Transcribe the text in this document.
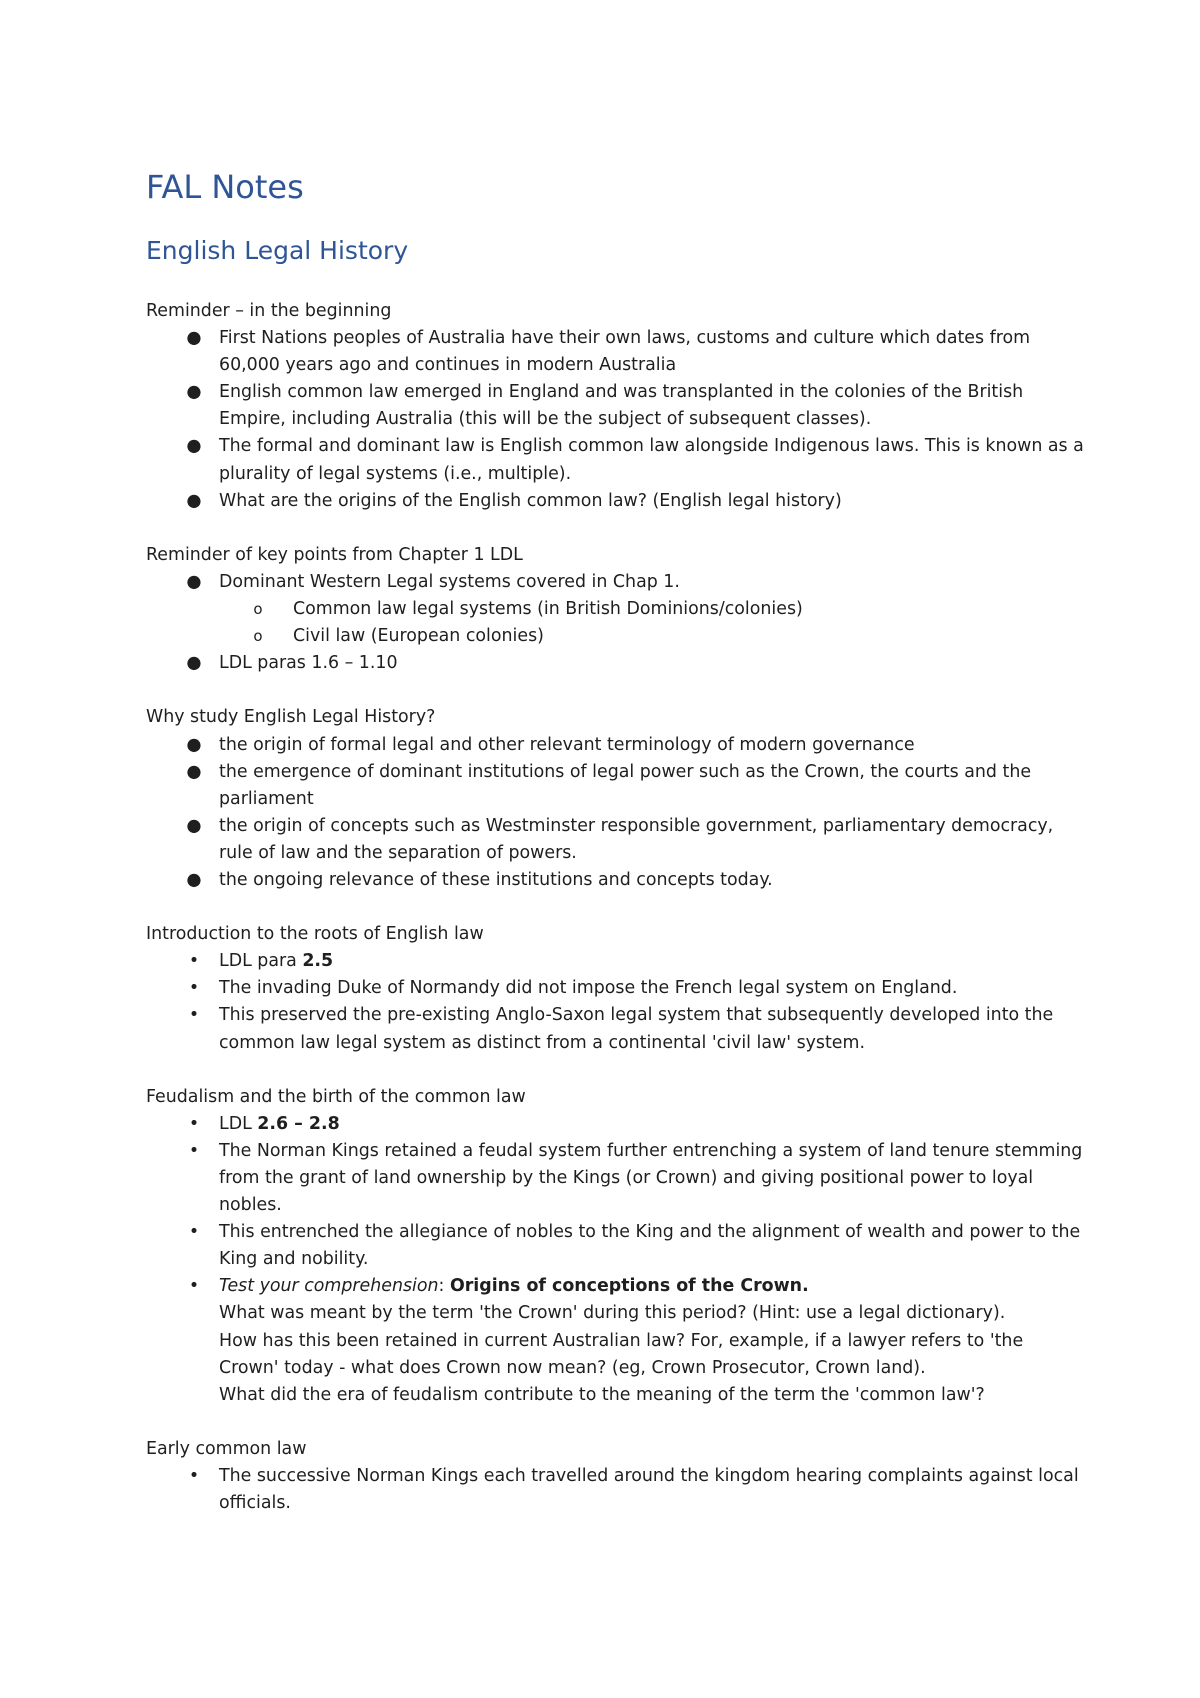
FAL Notes
English Legal History

Reminder – in the beginning

● First Nations peoples of Australia have their own laws, customs and culture which dates from 60,000 years ago and continues in modern Australia
● English common law emerged in England and was transplanted in the colonies of the British Empire, including Australia (this will be the subject of subsequent classes).
● The formal and dominant law is English common law alongside Indigenous laws. This is known as a plurality of legal systems (i.e., multiple).
● What are the origins of the English common law? (English legal history)

Reminder of key points from Chapter 1 LDL

● Dominant Western Legal systems covered in Chap 1.
o	Common law legal systems (in British Dominions/colonies)
o	Civil law (European colonies)
● LDL paras 1.6 – 1.10

Why study English Legal History?

● the origin of formal legal and other relevant terminology of modern governance
● the emergence of dominant institutions of legal power such as the Crown, the courts and the parliament
● the origin of concepts such as Westminster responsible government, parliamentary democracy, rule of law and the separation of powers.
● the ongoing relevance of these institutions and concepts today.

Introduction to the roots of English law

• LDL para 2.5
• The invading Duke of Normandy did not impose the French legal system on England.
• This preserved the pre-existing Anglo-Saxon legal system that subsequently developed into the common law legal system as distinct from a continental 'civil law' system.

Feudalism and the birth of the common law

• LDL 2.6 – 2.8
• The Norman Kings retained a feudal system further entrenching a system of land tenure stemming from the grant of land ownership by the Kings (or Crown) and giving positional power to loyal nobles.
• This entrenched the allegiance of nobles to the King and the alignment of wealth and power to the King and nobility.
• Test your comprehension: Origins of conceptions of the Crown.
What was meant by the term 'the Crown' during this period? (Hint: use a legal dictionary).
How has this been retained in current Australian law? For, example, if a lawyer refers to 'the Crown' today - what does Crown now mean? (eg, Crown Prosecutor, Crown land).
What did the era of feudalism contribute to the meaning of the term the 'common law'?

Early common law

• The successive Norman Kings each travelled around the kingdom hearing complaints against local officials.
